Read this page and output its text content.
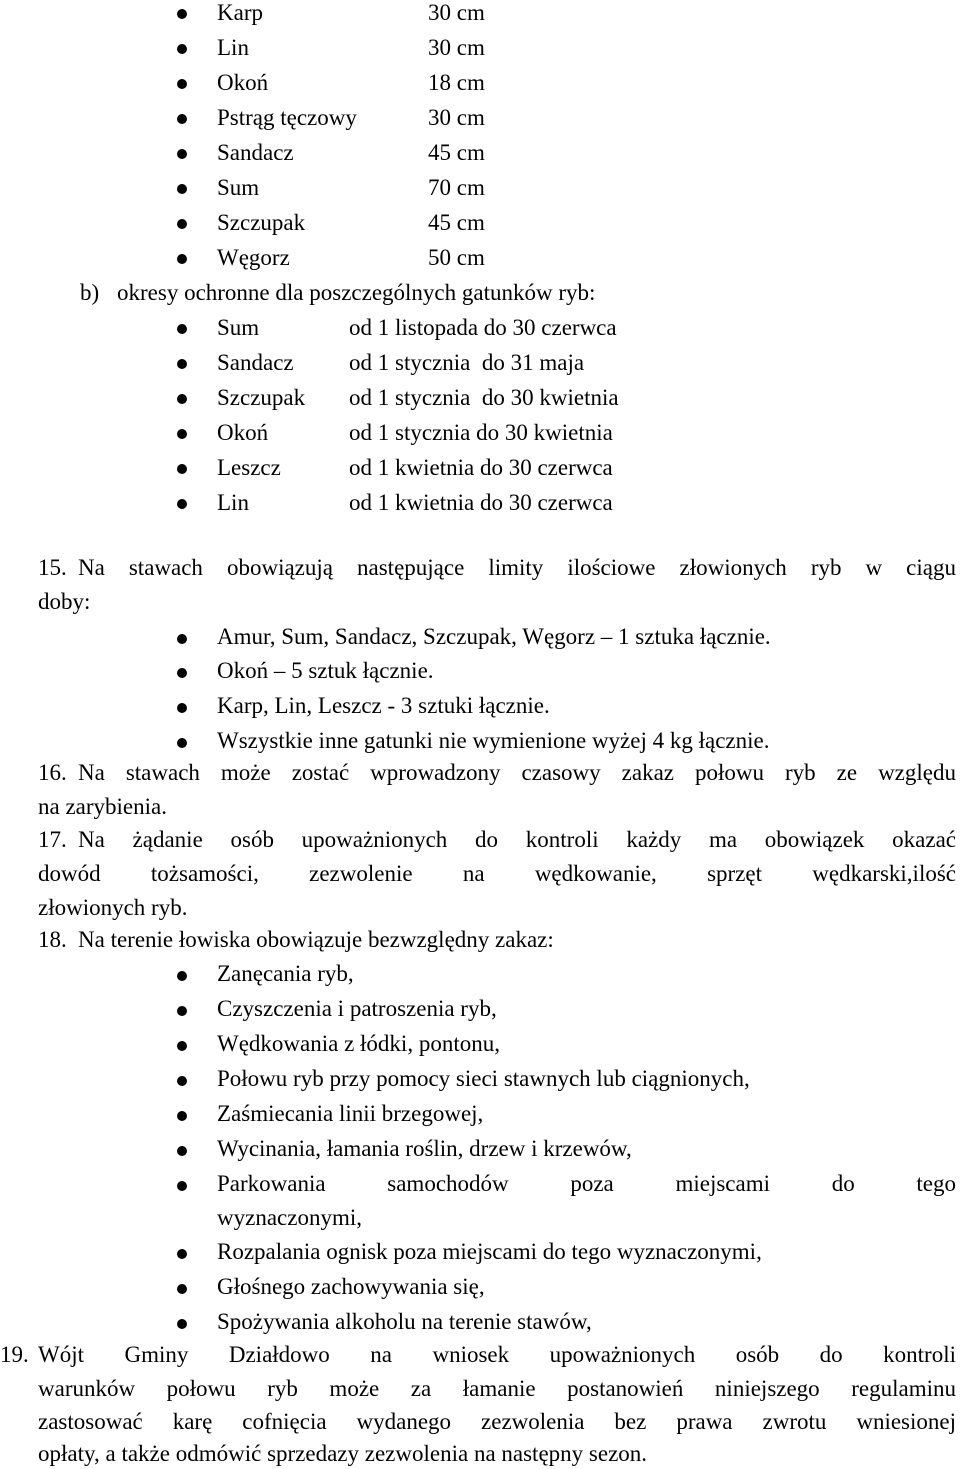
Karp	30 cm
Lin	30 cm
Okoń	18 cm
Pstrąg tęczowy	30 cm
Sandacz	45 cm
Sum	70 cm
Szczupak	45 cm
Węgorz	50 cm
b) okresy ochronne dla poszczególnych gatunków ryb:
Sum	od 1 listopada do 30 czerwca
Sandacz od 1 stycznia  do 31 maja
Szczupak od 1 stycznia  do 30 kwietnia
Okoń	od 1 stycznia do 30 kwietnia
Leszcz	od 1 kwietnia do 30 czerwca
Lin	od 1 kwietnia do 30 czerwca
15. Na stawach obowiązują następujące limity ilościowe złowionych ryb w ciągu
doby:
Amur, Sum, Sandacz, Szczupak, Węgorz – 1 sztuka łącznie.
Okoń – 5 sztuk łącznie.
Karp, Lin, Leszcz - 3 sztuki łącznie.
Wszystkie inne gatunki nie wymienione wyżej 4 kg łącznie.
16. Na stawach może zostać wprowadzony czasowy zakaz połowu ryb ze względu
na zarybienia.
17. Na żądanie osób upoważnionych do kontroli każdy ma obowiązek okazać
dowód tożsamości, zezwolenie na wędkowanie, sprzęt wędkarski,ilość
złowionych ryb.
18. Na terenie łowiska obowiązuje bezwzględny zakaz:
Zanęcania ryb,
Czyszczenia i patroszenia ryb,
Wędkowania z łódki, pontonu,
Połowu ryb przy pomocy sieci stawnych lub ciągnionych,
Zaśmiecania linii brzegowej,
Wycinania, łamania roślin, drzew i krzewów,
Parkowania samochodów poza miejscami do tego
wyznaczonymi,
Rozpalania ognisk poza miejscami do tego wyznaczonymi,
Głośnego zachowywania się,
Spożywania alkoholu na terenie stawów,
19. Wójt Gminy Działdowo na wniosek upoważnionych osób do kontroli
warunków połowu ryb może za łamanie postanowień niniejszego regulaminu
zastosować karę cofnięcia wydanego zezwolenia bez prawa zwrotu wniesionej
opłaty, a także odmówić sprzedazy zezwolenia na następny sezon.
